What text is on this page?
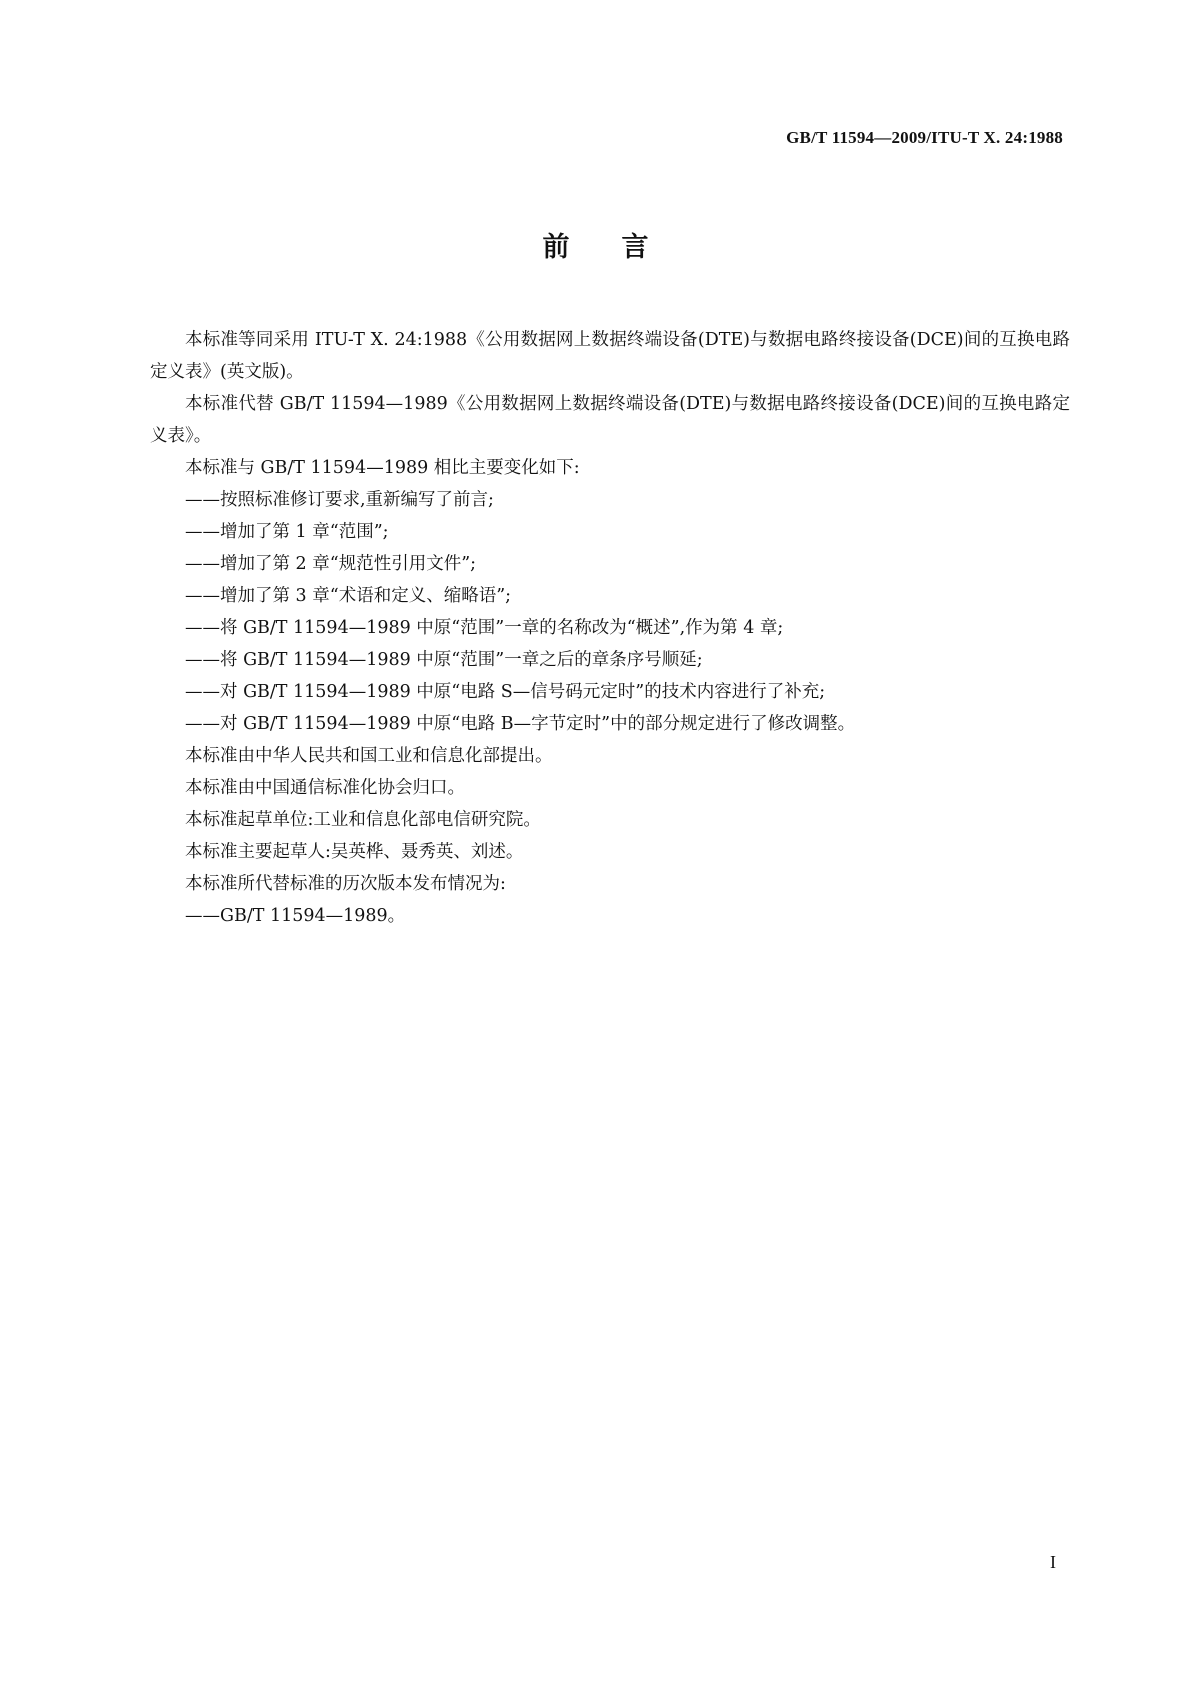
GB/T 11594—2009/ITU-T X. 24:1988
前言

本标准等同采用 ITU-T X. 24:1988《公用数据网上数据终端设备(DTE)与数据电路终接设备(DCE)间的互换电路定义表》(英文版)。

本标准代替 GB/T 11594—1989《公用数据网上数据终端设备(DTE)与数据电路终接设备(DCE)间的互换电路定义表》。

本标准与 GB/T 11594—1989 相比主要变化如下:

——按照标准修订要求,重新编写了前言;

——增加了第 1 章“范围”;

——增加了第 2 章“规范性引用文件”;

——增加了第 3 章“术语和定义、缩略语”;

——将 GB/T 11594—1989 中原“范围”一章的名称改为“概述”,作为第 4 章;

——将 GB/T 11594—1989 中原“范围”一章之后的章条序号顺延;

——对 GB/T 11594—1989 中原“电路 S—信号码元定时”的技术内容进行了补充;

——对 GB/T 11594—1989 中原“电路 B—字节定时”中的部分规定进行了修改调整。

本标准由中华人民共和国工业和信息化部提出。

本标准由中国通信标准化协会归口。

本标准起草单位:工业和信息化部电信研究院。

本标准主要起草人:吴英桦、聂秀英、刘述。

本标准所代替标准的历次版本发布情况为:

——GB/T 11594—1989。

I
